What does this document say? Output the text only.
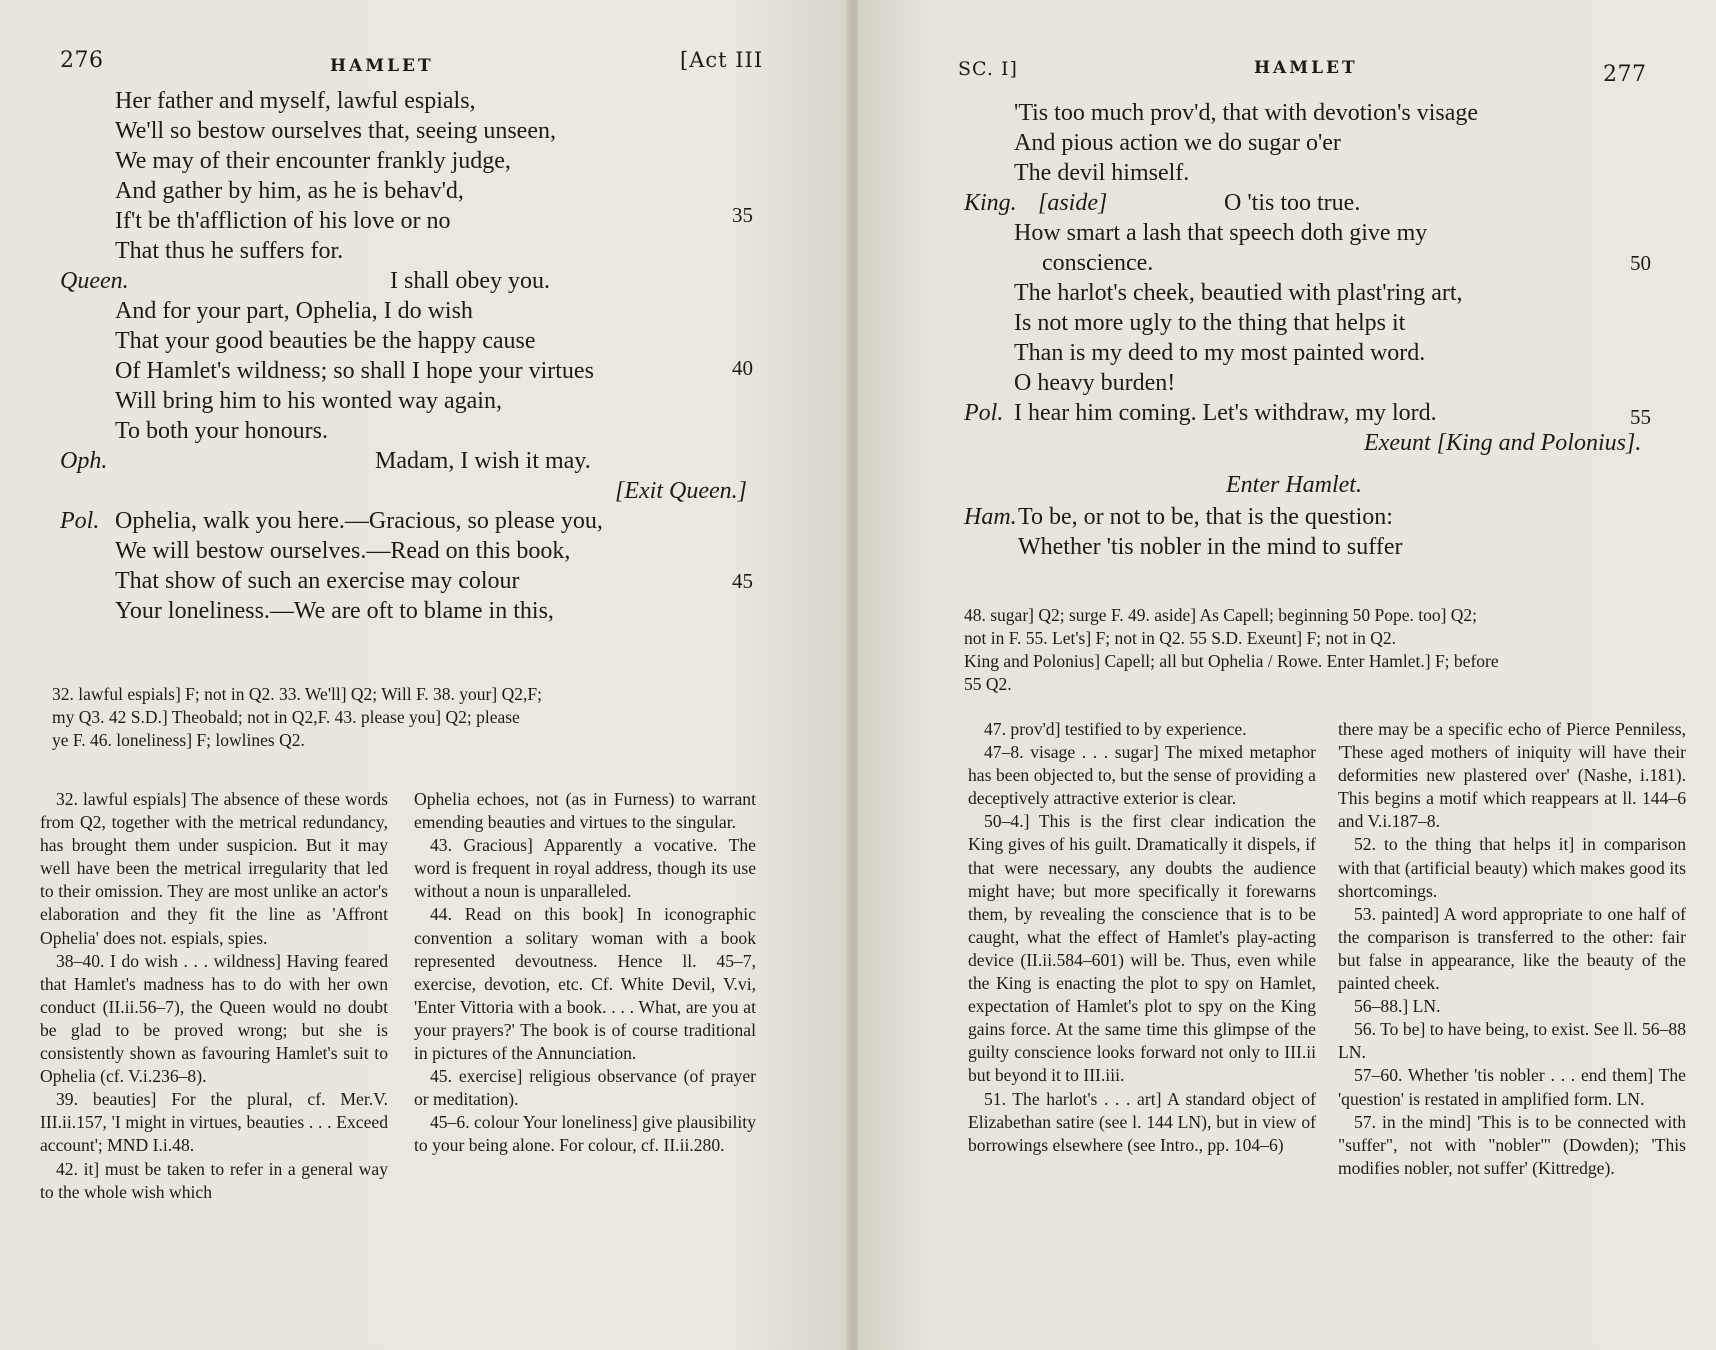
276	HAMLET	[Act III
Her father and myself, lawful espials,
We'll so bestow ourselves that, seeing unseen,
We may of their encounter frankly judge,
And gather by him, as he is behav'd,
If't be th'affliction of his love or no	35
That thus he suffers for.
Queen.	I shall obey you.
And for your part, Ophelia, I do wish
That your good beauties be the happy cause
Of Hamlet's wildness; so shall I hope your virtues	40
Will bring him to his wonted way again,
To both your honours.
Oph.	Madam, I wish it may.
[Exit Queen.]
Pol. Ophelia, walk you here.—Gracious, so please you,
We will bestow ourselves.—Read on this book,
That show of such an exercise may colour	45
Your loneliness.—We are oft to blame in this,
32. lawful espials] F; not in Q2. 33. We'll] Q2; Will F. 38. your] Q2,F;
my Q3. 42 S.D.] Theobald; not in Q2,F. 43. please you] Q2; please
ye F. 46. loneliness] F; lowlines Q2.

32. lawful espials] The absence of these words from Q2, together with the metrical redundancy, has brought them under suspicion. But it may well have been the metrical irregularity that led to their omission. They are most unlike an actor's elaboration and they fit the line as 'Affront Ophelia' does not. espials, spies.

38–40. I do wish . . . wildness] Having feared that Hamlet's madness has to do with her own conduct (II.ii.56–7), the Queen would no doubt be glad to be proved wrong; but she is consistently shown as favouring Hamlet's suit to Ophelia (cf. V.i.236–8).

39. beauties] For the plural, cf. Mer.V. III.ii.157, 'I might in virtues, beauties . . . Exceed account'; MND I.i.48.

42. it] must be taken to refer in a general way to the whole wish which

Ophelia echoes, not (as in Furness) to warrant emending beauties and virtues to the singular.

43. Gracious] Apparently a vocative. The word is frequent in royal address, though its use without a noun is unparalleled.

44. Read on this book] In iconographic convention a solitary woman with a book represented devoutness. Hence ll. 45–7, exercise, devotion, etc. Cf. White Devil, V.vi, 'Enter Vittoria with a book. . . . What, are you at your prayers?' The book is of course traditional in pictures of the Annunciation.

45. exercise] religious observance (of prayer or meditation).

45–6. colour Your loneliness] give plausibility to your being alone. For colour, cf. II.ii.280.

SC. I]	HAMLET	277
'Tis too much prov'd, that with devotion's visage
And pious action we do sugar o'er
The devil himself.
King. [aside]	O 'tis too true.
How smart a lash that speech doth give my
conscience.	50
The harlot's cheek, beautied with plast'ring art,
Is not more ugly to the thing that helps it
Than is my deed to my most painted word.
O heavy burden!
Pol. I hear him coming. Let's withdraw, my lord.	55
Exeunt [King and Polonius].
Enter Hamlet.
Ham. To be, or not to be, that is the question:
Whether 'tis nobler in the mind to suffer
48. sugar] Q2; surge F. 49. aside] As Capell; beginning 50 Pope. too] Q2;
not in F. 55. Let's] F; not in Q2. 55 S.D. Exeunt] F; not in Q2.
King and Polonius] Capell; all but Ophelia / Rowe. Enter Hamlet.] F; before
55 Q2.

47. prov'd] testified to by experience.

47–8. visage . . . sugar] The mixed metaphor has been objected to, but the sense of providing a deceptively attractive exterior is clear.

50–4.] This is the first clear indication the King gives of his guilt. Dramatically it dispels, if that were necessary, any doubts the audience might have; but more specifically it forewarns them, by revealing the conscience that is to be caught, what the effect of Hamlet's play-acting device (II.ii.584–601) will be. Thus, even while the King is enacting the plot to spy on Hamlet, expectation of Hamlet's plot to spy on the King gains force. At the same time this glimpse of the guilty conscience looks forward not only to III.ii but beyond it to III.iii.

51. The harlot's . . . art] A standard object of Elizabethan satire (see l. 144 LN), but in view of borrowings elsewhere (see Intro., pp. 104–6)

there may be a specific echo of Pierce Penniless, 'These aged mothers of iniquity will have their deformities new plastered over' (Nashe, i.181). This begins a motif which reappears at ll. 144–6 and V.i.187–8.

52. to the thing that helps it] in comparison with that (artificial beauty) which makes good its shortcomings.

53. painted] A word appropriate to one half of the comparison is transferred to the other: fair but false in appearance, like the beauty of the painted cheek.

56–88.] LN.

56. To be] to have being, to exist. See ll. 56–88 LN.

57–60. Whether 'tis nobler . . . end them] The 'question' is restated in amplified form. LN.

57. in the mind] 'This is to be connected with "suffer", not with "nobler"' (Dowden); 'This modifies nobler, not suffer' (Kittredge).
